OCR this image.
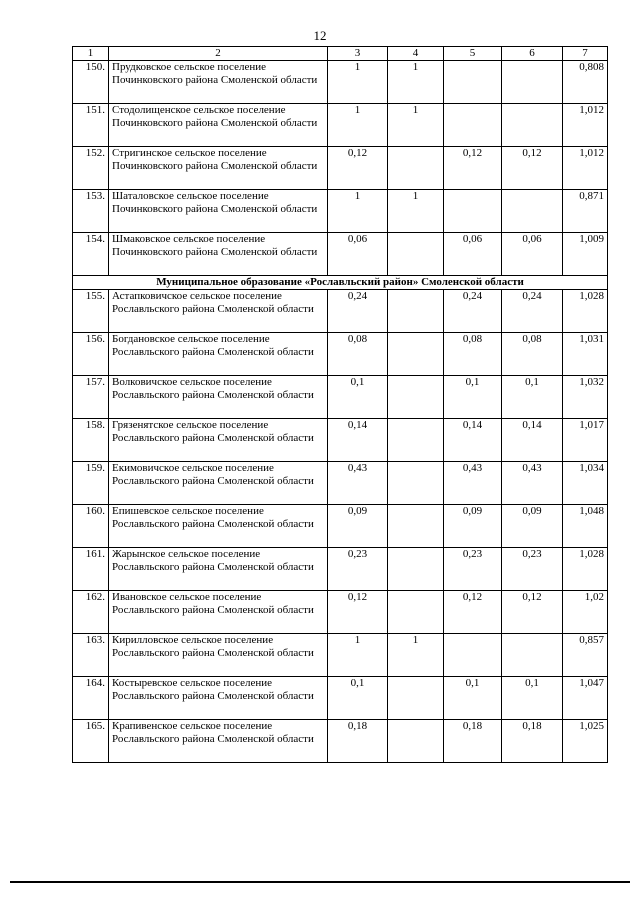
12
1	2	3	4	5	6	7
150.	Прудковское сельское поселение Починковского района Смоленской области	1	1			0,808
151.	Стодолищенское сельское поселение Починковского района Смоленской области	1	1			1,012
152.	Стригинское сельское поселение Починковского района Смоленской области	0,12		0,12	0,12	1,012
153.	Шаталовское сельское поселение Починковского района Смоленской области	1	1			0,871
154.	Шмаковское сельское поселение Починковского района Смоленской области	0,06		0,06	0,06	1,009
Муниципальное образование «Рославльский район» Смоленской области						
155.	Астапковичское сельское поселение Рославльского района Смоленской области	0,24		0,24	0,24	1,028
156.	Богдановское сельское поселение Рославльского района Смоленской области	0,08		0,08	0,08	1,031
157.	Волковичское сельское поселение Рославльского района Смоленской области	0,1		0,1	0,1	1,032
158.	Грязенятское сельское поселение Рославльского района Смоленской области	0,14		0,14	0,14	1,017
159.	Екимовичское сельское поселение Рославльского района Смоленской области	0,43		0,43	0,43	1,034
160.	Епишевское сельское поселение Рославльского района Смоленской области	0,09		0,09	0,09	1,048
161.	Жарынское сельское поселение Рославльского района Смоленской области	0,23		0,23	0,23	1,028
162.	Ивановское сельское поселение Рославльского района Смоленской области	0,12		0,12	0,12	1,02
163.	Кирилловское сельское поселение Рославльского района Смоленской области	1	1			0,857
164.	Костыревское сельское поселение Рославльского района Смоленской области	0,1		0,1	0,1	1,047
165.	Крапивенское сельское поселение Рославльского района Смоленской области	0,18		0,18	0,18	1,025
